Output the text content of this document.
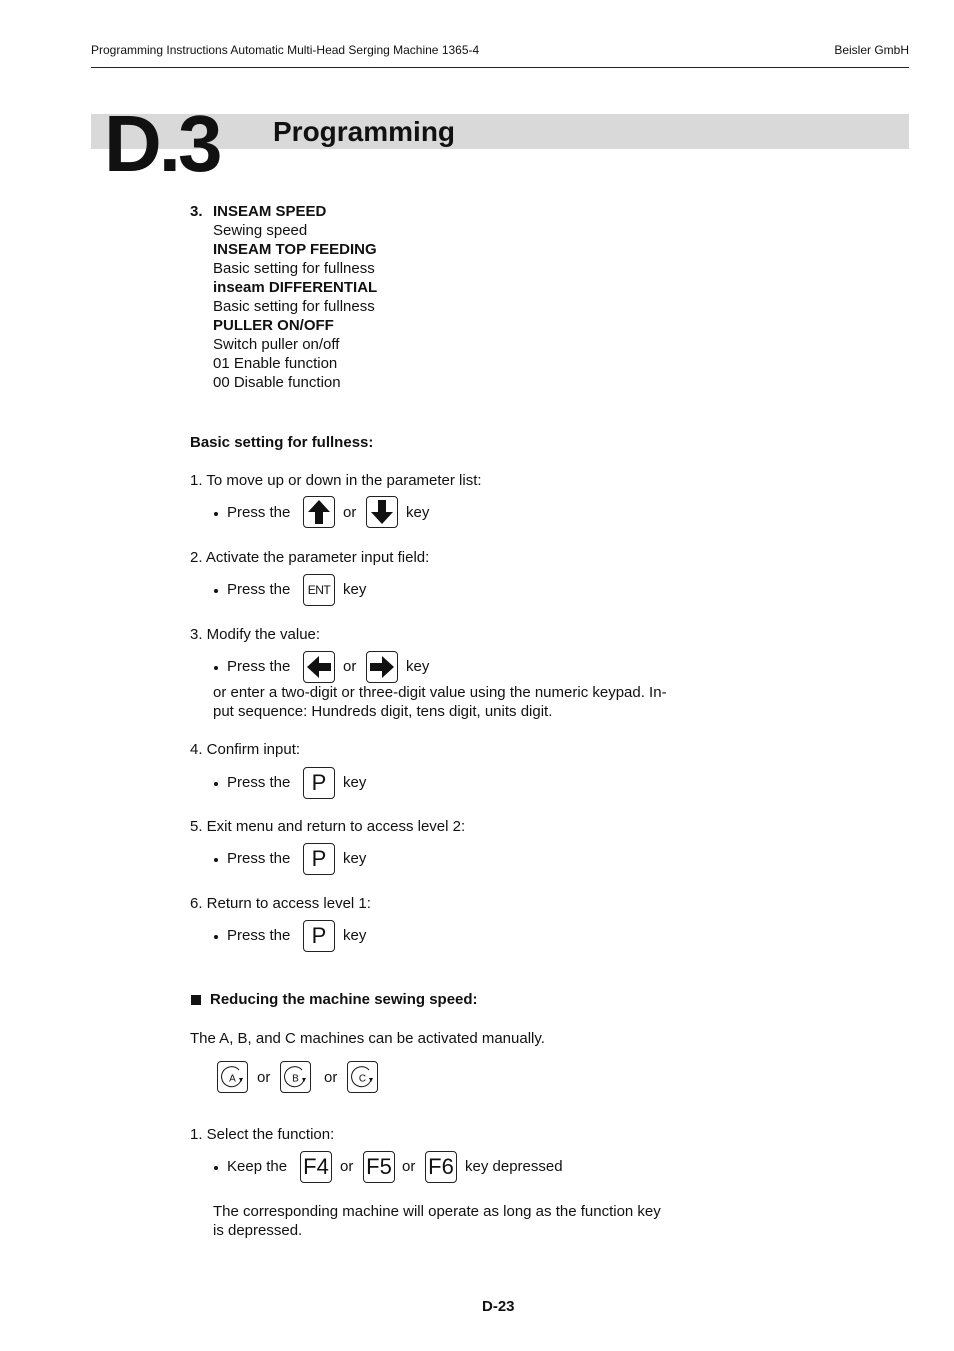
Programming Instructions Automatic Multi-Head Serging Machine 1365-4	Beisler GmbH
D.3 Programming
3. INSEAM SPEED
Sewing speed
INSEAM TOP FEEDING
Basic setting for fullness
inseam DIFFERENTIAL
Basic setting for fullness
PULLER ON/OFF
Switch puller on/off
01 Enable function
00 Disable function
Basic setting for fullness:
1. To move up or down in the parameter list:
Press the	or	key
2. Activate the parameter input field:
Press the ENT key
3. Modify the value:
Press the	or	key
or enter a two-digit or three-digit value using the numeric keypad. In-
put sequence: Hundreds digit, tens digit, units digit.
4. Confirm input:
Press the P key
5. Exit menu and return to access level 2:
Press the P key
6. Return to access level 1:
Press the P key
Reducing the machine sewing speed:
The A, B, and C machines can be activated manually.
A or B or C
1. Select the function:
Keep the F4 or F5 or F6 key depressed
The corresponding machine will operate as long as the function key
is depressed.
D-23
